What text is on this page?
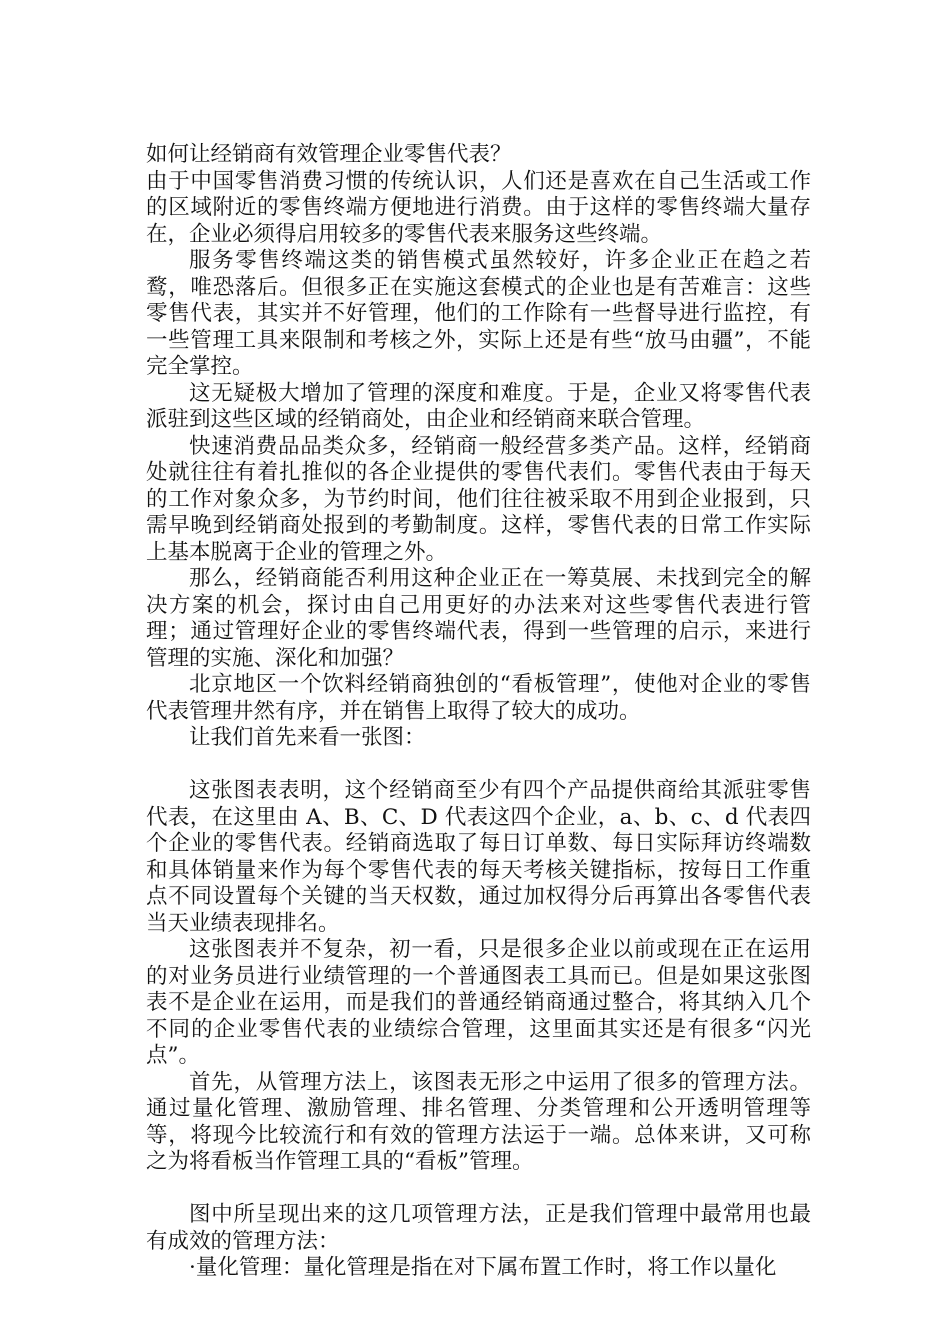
如何让经销商有效管理企业零售代表？

由于中国零售消费习惯的传统认识，人们还是喜欢在自己生活或工作的区域附近的零售终端方便地进行消费。由于这样的零售终端大量存在，企业必须得启用较多的零售代表来服务这些终端。

服务零售终端这类的销售模式虽然较好，许多企业正在趋之若鹜，唯恐落后。但很多正在实施这套模式的企业也是有苦难言：这些零售代表，其实并不好管理，他们的工作除有一些督导进行监控，有一些管理工具来限制和考核之外，实际上还是有些“放马由疆”，不能完全掌控。

这无疑极大增加了管理的深度和难度。于是，企业又将零售代表派驻到这些区域的经销商处，由企业和经销商来联合管理。

快速消费品品类众多，经销商一般经营多类产品。这样，经销商处就往往有着扎推似的各企业提供的零售代表们。零售代表由于每天的工作对象众多，为节约时间，他们往往被采取不用到企业报到，只需早晚到经销商处报到的考勤制度。这样，零售代表的日常工作实际上基本脱离于企业的管理之外。

那么，经销商能否利用这种企业正在一筹莫展、未找到完全的解决方案的机会，探讨由自己用更好的办法来对这些零售代表进行管理；通过管理好企业的零售终端代表，得到一些管理的启示，来进行管理的实施、深化和加强？

北京地区一个饮料经销商独创的“看板管理”，使他对企业的零售代表管理井然有序，并在销售上取得了较大的成功。

让我们首先来看一张图：

这张图表表明，这个经销商至少有四个产品提供商给其派驻零售代表，在这里由 A、B、C、D 代表这四个企业，a、b、c、d 代表四个企业的零售代表。经销商选取了每日订单数、每日实际拜访终端数和具体销量来作为每个零售代表的每天考核关键指标，按每日工作重点不同设置每个关键的当天权数，通过加权得分后再算出各零售代表当天业绩表现排名。

这张图表并不复杂，初一看，只是很多企业以前或现在正在运用的对业务员进行业绩管理的一个普通图表工具而已。但是如果这张图表不是企业在运用，而是我们的普通经销商通过整合，将其纳入几个不同的企业零售代表的业绩综合管理，这里面其实还是有很多“闪光点”。

首先，从管理方法上，该图表无形之中运用了很多的管理方法。通过量化管理、激励管理、排名管理、分类管理和公开透明管理等等，将现今比较流行和有效的管理方法运于一端。总体来讲，又可称之为将看板当作管理工具的“看板”管理。

图中所呈现出来的这几项管理方法，正是我们管理中最常用也最有成效的管理方法：

·量化管理：量化管理是指在对下属布置工作时，将工作以量化
